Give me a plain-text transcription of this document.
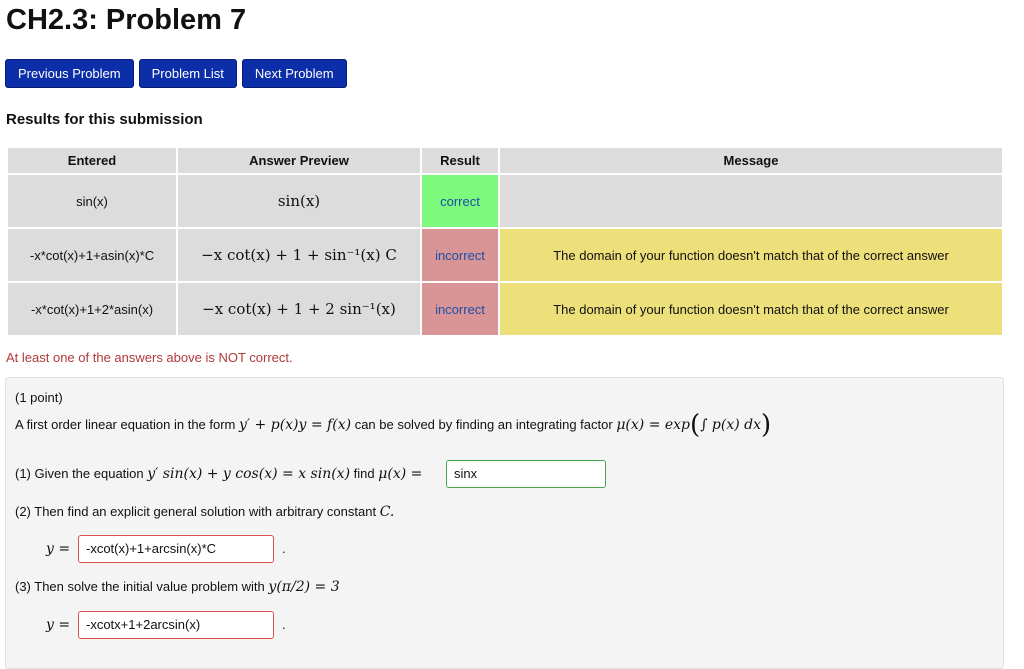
CH2.3: Problem 7
Previous Problem	Problem List	Next Problem
Results for this submission
Entered	Answer Preview	Result	Message
sin(x)	sin(x)	correct	
-x*cot(x)+1+asin(x)*C	−x cot(x) + 1 + sin⁻¹(x) C	incorrect	The domain of your function doesn't match that of the correct answer
-x*cot(x)+1+2*asin(x)	−x cot(x) + 1 + 2 sin⁻¹(x)	incorrect	The domain of your function doesn't match that of the correct answer
At least one of the answers above is NOT correct.
(1 point)
A first order linear equation in the form y′ + p(x)y = f(x) can be solved by finding an integrating factor μ(x) = exp(∫ p(x) dx)
(1) Given the equation y′ sin(x) + y cos(x) = x sin(x) find μ(x) =	sinx
(2) Then find an explicit general solution with arbitrary constant C.
y =	-xcot(x)+1+arcsin(x)*C	.
(3) Then solve the initial value problem with y(π/2) = 3
y =	-xcotx+1+2arcsin(x)	.
